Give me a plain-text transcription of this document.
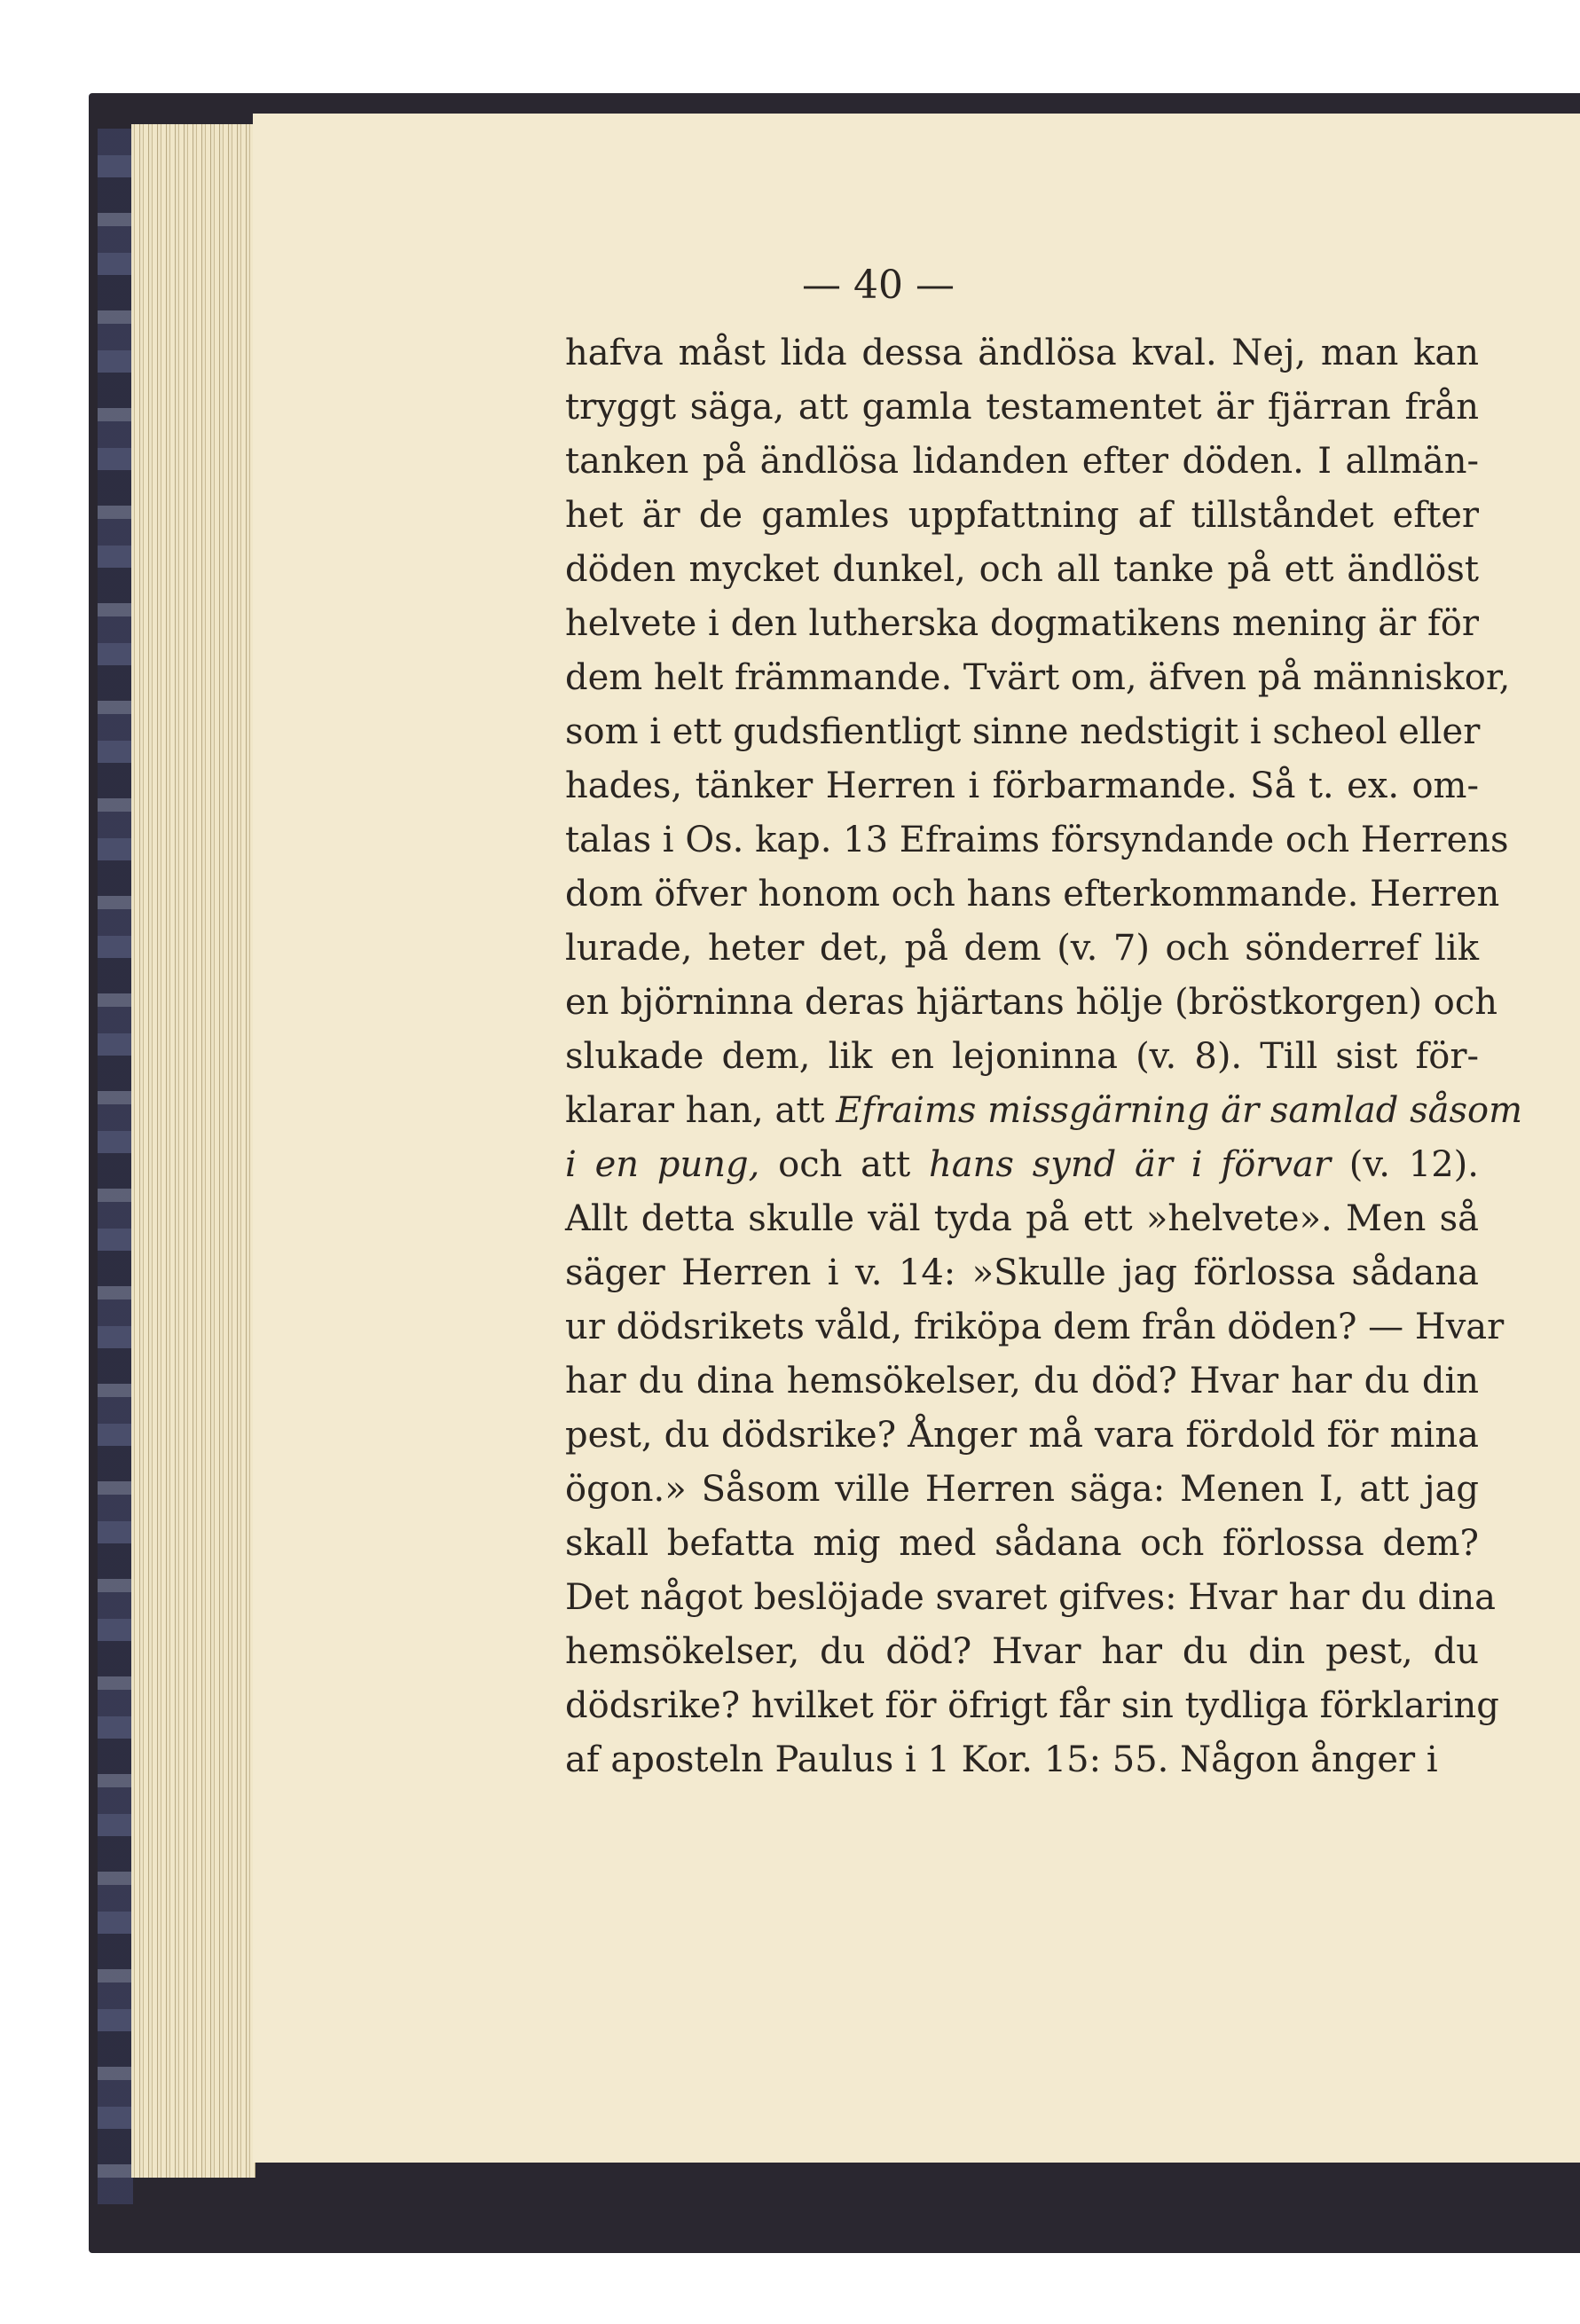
— 40 —

hafva måst lida dessa ändlösa kval. Nej, man kan
tryggt säga, att gamla testamentet är fjärran från
tanken på ändlösa lidanden efter döden. I allmän-
het är de gamles uppfattning af tillståndet efter
döden mycket dunkel, och all tanke på ett ändlöst
helvete i den lutherska dogmatikens mening är för
dem helt främmande. Tvärt om, äfven på människor,
som i ett gudsfientligt sinne nedstigit i scheol eller
hades, tänker Herren i förbarmande. Så t. ex. om-
talas i Os. kap. 13 Efraims försyndande och Herrens
dom öfver honom och hans efterkommande. Herren
lurade, heter det, på dem (v. 7) och sönderref lik
en björninna deras hjärtans hölje (bröstkorgen) och
slukade dem, lik en lejoninna (v. 8). Till sist för-
klarar han, att Efraims missgärning är samlad såsom
i en pung, och att hans synd är i förvar (v. 12).
Allt detta skulle väl tyda på ett »helvete». Men så
säger Herren i v. 14: »Skulle jag förlossa sådana
ur dödsrikets våld, friköpa dem från döden? — Hvar
har du dina hemsökelser, du död? Hvar har du din
pest, du dödsrike? Ånger må vara fördold för mina
ögon.» Såsom ville Herren säga: Menen I, att jag
skall befatta mig med sådana och förlossa dem?
Det något beslöjade svaret gifves: Hvar har du dina
hemsökelser, du död? Hvar har du din pest, du
dödsrike? hvilket för öfrigt får sin tydliga förklaring
af aposteln Paulus i 1 Kor. 15: 55. Någon ånger i
